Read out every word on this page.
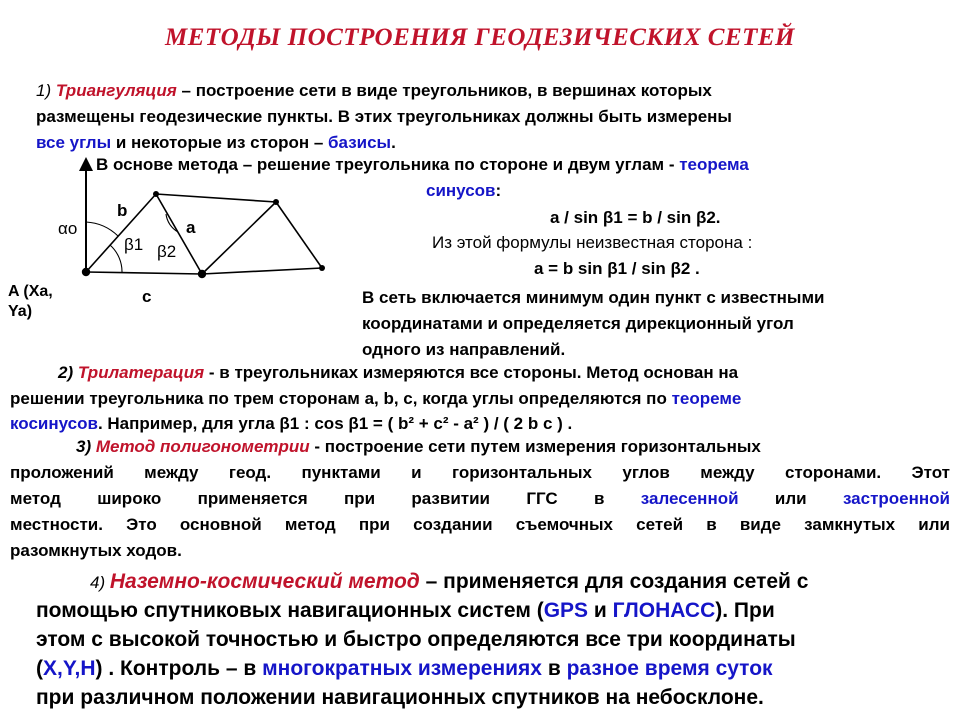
МЕТОДЫ ПОСТРОЕНИЯ ГЕОДЕЗИЧЕСКИХ СЕТЕЙ
1) Триангуляция – построение сети в виде треугольников, в вершинах которых
размещены геодезические пункты. В этих треугольниках должны быть измерены
все углы и некоторые из сторон – базисы.
В основе метода – решение треугольника по стороне и двум углам - теорема
синусов:
a / sin β1 = b / sin β2.
Из этой формулы неизвестная сторона :
a = b sin β1 / sin β2 .
В сеть включается минимум один пункт с известными
координатами и определяется дирекционный угол
одного из направлений.
b
a
c
αo
β1 β2
A (Xa,
Ya)
2) Трилатерация - в треугольниках измеряются все стороны. Метод основан на
решении треугольника по трем сторонам a, b, c, когда углы определяются по теореме
косинусов. Например, для угла β1 : cos β1 = ( b² + c² - a² ) / ( 2 b c ) .
3) Метод полигонометрии - построение сети путем измерения горизонтальных
проложений между геод. пунктами и горизонтальных углов между сторонами. Этот
метод широко применяется при развитии ГГС в залесенной или застроенной
местности. Это основной метод при создании съемочных сетей в виде замкнутых или
разомкнутых ходов.
4) Наземно-космический метод – применяется для создания сетей с
помощью спутниковых навигационных систем (GPS и ГЛОНАСС). При
этом с высокой точностью и быстро определяются все три координаты
(X,Y,H) . Контроль – в многократных измерениях в разное время суток
при различном положении навигационных спутников на небосклоне.
